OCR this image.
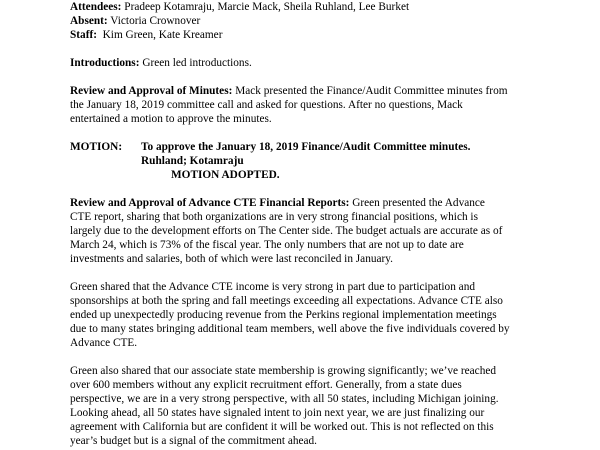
Attendees: Pradeep Kotamraju, Marcie Mack, Sheila Ruhland, Lee Burket
Absent: Victoria Crownover
Staff: Kim Green, Kate Kreamer
Introductions: Green led introductions.
Review and Approval of Minutes: Mack presented the Finance/Audit Committee minutes from
the January 18, 2019 committee call and asked for questions. After no questions, Mack
entertained a motion to approve the minutes.
MOTION:	To approve the January 18, 2019 Finance/Audit Committee minutes.
Ruhland; Kotamraju
MOTION ADOPTED.
Review and Approval of Advance CTE Financial Reports: Green presented the Advance
CTE report, sharing that both organizations are in very strong financial positions, which is
largely due to the development efforts on The Center side. The budget actuals are accurate as of
March 24, which is 73% of the fiscal year. The only numbers that are not up to date are
investments and salaries, both of which were last reconciled in January.
Green shared that the Advance CTE income is very strong in part due to participation and
sponsorships at both the spring and fall meetings exceeding all expectations. Advance CTE also
ended up unexpectedly producing revenue from the Perkins regional implementation meetings
due to many states bringing additional team members, well above the five individuals covered by
Advance CTE.
Green also shared that our associate state membership is growing significantly; we’ve reached
over 600 members without any explicit recruitment effort. Generally, from a state dues
perspective, we are in a very strong perspective, with all 50 states, including Michigan joining.
Looking ahead, all 50 states have signaled intent to join next year, we are just finalizing our
agreement with California but are confident it will be worked out. This is not reflected on this
year’s budget but is a signal of the commitment ahead.
